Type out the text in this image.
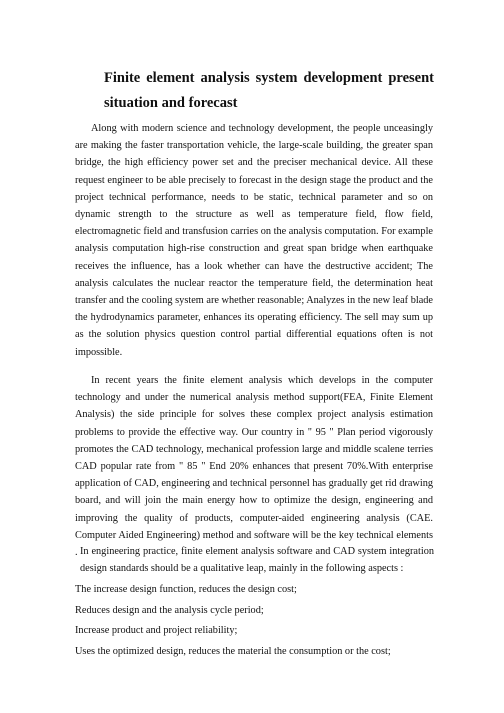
Finite element analysis system development present
situation and forecast

Along with modern science and technology development, the people unceasingly are making the faster transportation vehicle, the large-scale building, the greater span bridge, the high efficiency power set and the preciser mechanical device. All these request engineer to be able precisely to forecast in the design stage the product and the project technical performance, needs to be static, technical parameter and so on dynamic strength to the structure as well as temperature field, flow field, electromagnetic field and transfusion carries on the analysis computation. For example analysis computation high-rise construction and great span bridge when earthquake receives the influence, has a look whether can have the destructive accident; The analysis calculates the nuclear reactor the temperature field, the determination heat transfer and the cooling system are whether reasonable; Analyzes in the new leaf blade the hydrodynamics parameter, enhances its operating efficiency. The sell may sum up as the solution physics question control partial differential equations often is not impossible.

In recent years the finite element analysis which develops in the computer technology and under the numerical analysis method support(FEA, Finite Element Analysis) the side principle for solves these complex project analysis estimation problems to provide the effective way. Our country in " 95 " Plan period vigorously promotes the CAD technology, mechanical profession large and middle scalene terries CAD popular rate from " 85 " End 20% enhances that present 70%.With enterprise application of CAD, engineering and technical personnel has gradually get rid drawing board, and will join the main energy how to optimize the design, engineering and improving the quality of products, computer-aided engineering analysis (CAE. Computer Aided Engineering) method and software will be the key technical elements . In engineering practice, finite element analysis software and CAD system integration design standards should be a qualitative leap, mainly in the following aspects :

The increase design function, reduces the design cost;
Reduces design and the analysis cycle period;
Increase product and project reliability;
Uses the optimized design, reduces the material the consumption or the cost;
